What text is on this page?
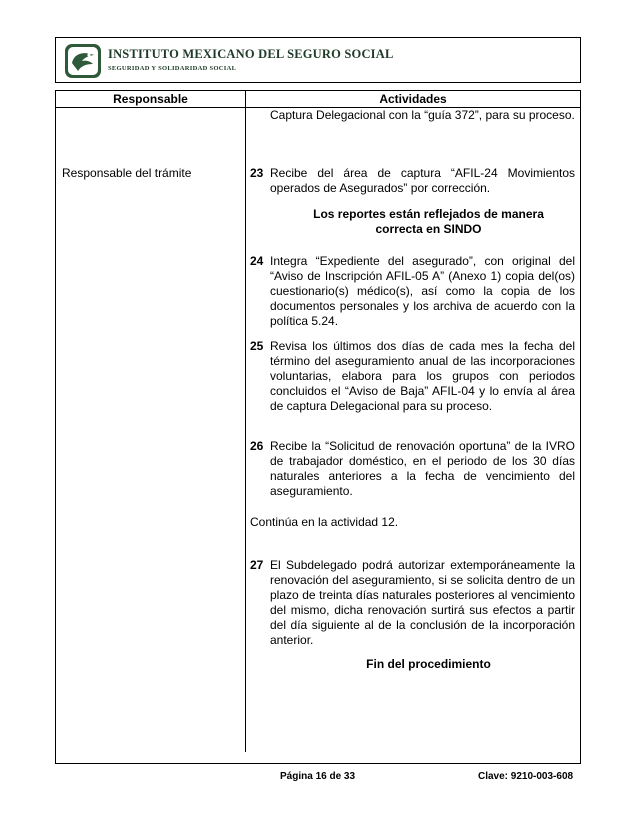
INSTITUTO MEXICANO DEL SEGURO SOCIAL
SEGURIDAD Y SOLIDARIDAD SOCIAL
Responsable	Actividades
Captura Delegacional con la “guía 372”, para su proceso.
Responsable del trámite	23 Recibe del área de captura “AFIL-24 Movimientos operados de Asegurados” por corrección.
Los reportes están reflejados de manera correcta en SINDO
24 Integra “Expediente del asegurado”, con original del “Aviso de Inscripción AFIL-05 A” (Anexo 1) copia del(os) cuestionario(s) médico(s), así como la copia de los documentos personales y los archiva de acuerdo con la política 5.24.
25 Revisa los últimos dos días de cada mes la fecha del término del aseguramiento anual de las incorporaciones voluntarias, elabora para los grupos con periodos concluidos el “Aviso de Baja” AFIL-04 y lo envía al área de captura Delegacional para su proceso.
26 Recibe la “Solicitud de renovación oportuna” de la IVRO de trabajador doméstico, en el periodo de los 30 días naturales anteriores a la fecha de vencimiento del aseguramiento.
Continúa en la actividad 12.
27 El Subdelegado podrá autorizar extemporáneamente la renovación del aseguramiento, si se solicita dentro de un plazo de treinta días naturales posteriores al vencimiento del mismo, dicha renovación surtirá sus efectos a partir del día siguiente al de la conclusión de la incorporación anterior.
Fin del procedimiento
Página 16 de 33	Clave: 9210-003-608
